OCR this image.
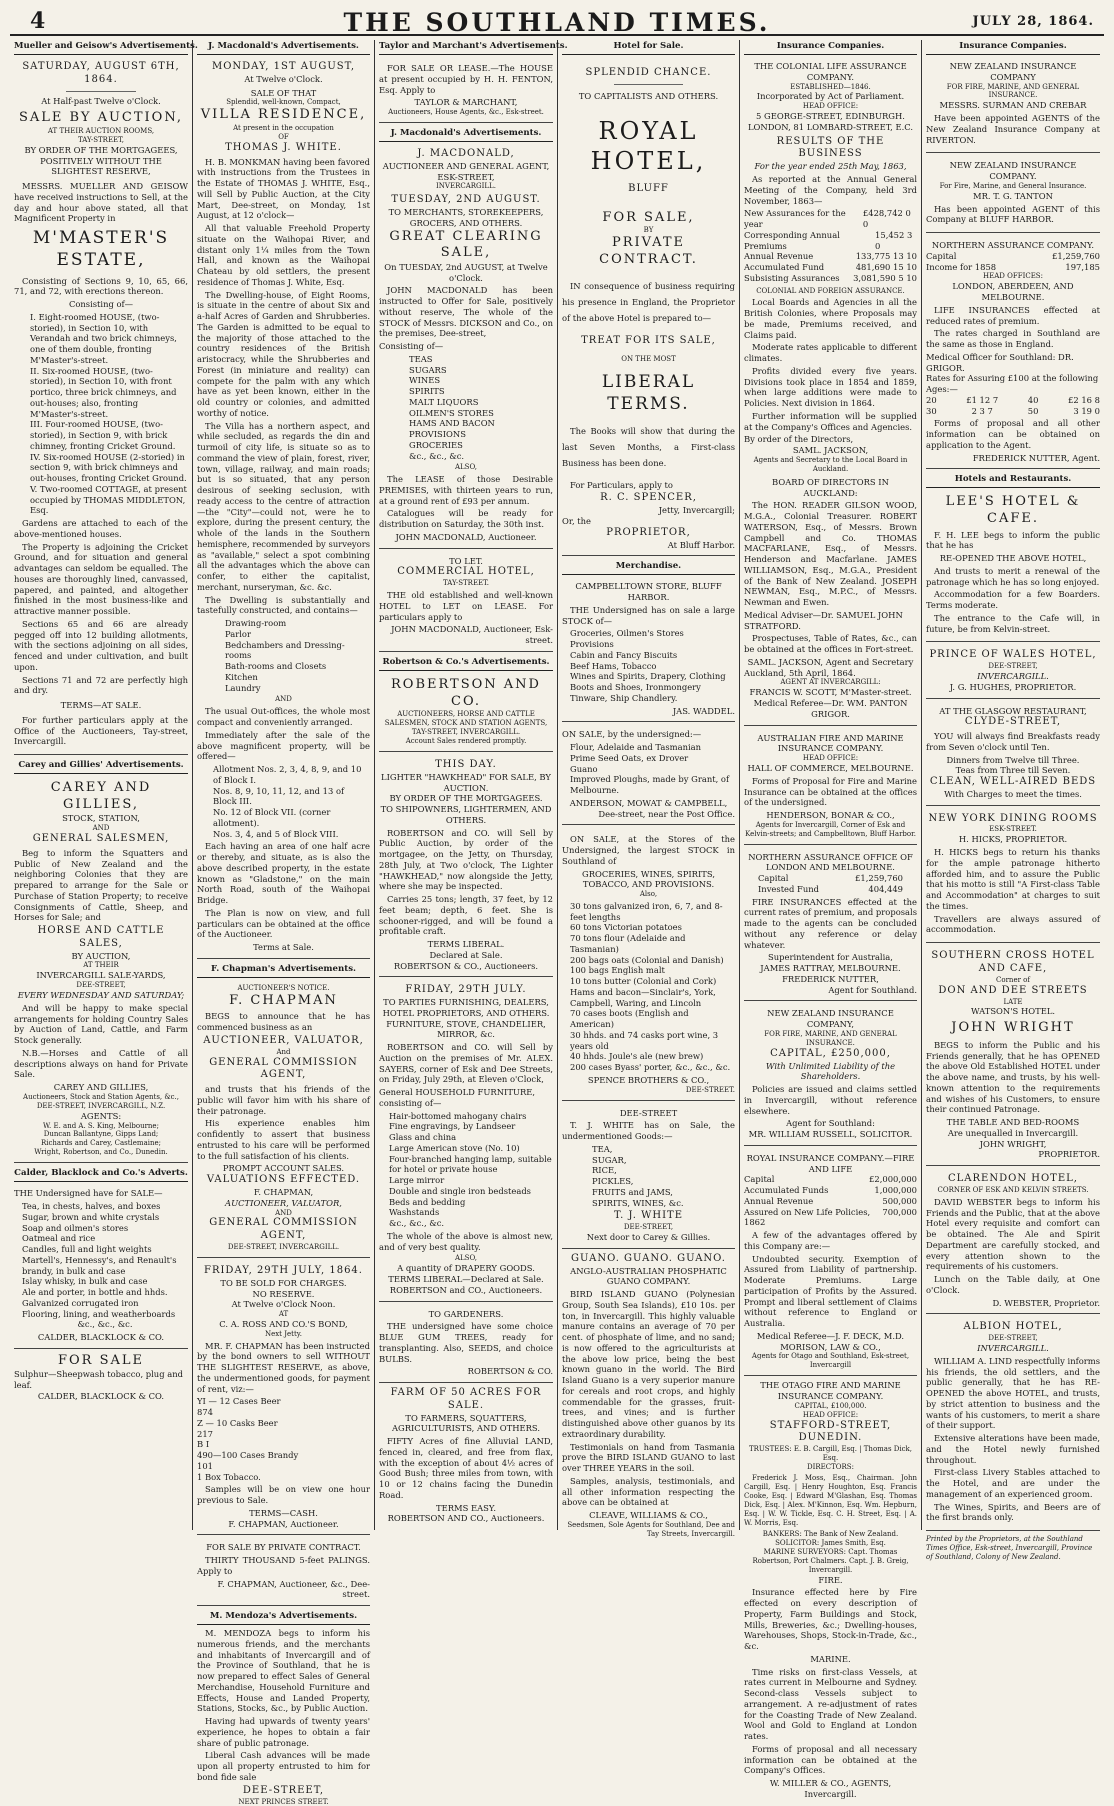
4	THE SOUTHLAND TIMES.	JULY 28, 1864.
Mueller and Geisow's Advertisements.
SATURDAY, AUGUST 6TH, 1864.
At Half-past Twelve o'Clock.
SALE BY AUCTION,
AT THEIR AUCTION ROOMS,
TAY-STREET,
BY ORDER OF THE MORTGAGEES,
POSITIVELY WITHOUT THE SLIGHTEST RESERVE,

MESSRS. MUELLER AND GEISOW have received instructions to Sell, at the day and hour above stated, all that Magnificent Property in

M'MASTER'S ESTATE,

Consisting of Sections 9, 10, 65, 66, 71, and 72, with erections thereon.

Consisting of—
I. Eight-roomed HOUSE, (two-storied), in Section 10, with Verandah and two brick chimneys, one of them double, fronting M'Master's-street.
II. Six-roomed HOUSE, (two-storied), in Section 10, with front portico, three brick chimneys, and out-houses; also, fronting M'Master's-street.
III. Four-roomed HOUSE, (two-storied), in Section 9, with brick chimney, fronting Cricket Ground.
IV. Six-roomed HOUSE (2-storied) in section 9, with brick chimneys and out-houses, fronting Cricket Ground.
V. Two-roomed COTTAGE, at present occupied by THOMAS MIDDLETON, Esq.

Gardens are attached to each of the above-mentioned houses.

The Property is adjoining the Cricket Ground, and for situation and general advantages can seldom be equalled. The houses are thoroughly lined, canvassed, papered, and painted, and altogether finished in the most business-like and attractive manner possible.

Sections 65 and 66 are already pegged off into 12 building allotments, with the sections adjoining on all sides, fenced and under cultivation, and built upon.

Sections 71 and 72 are perfectly high and dry.

TERMS—AT SALE.

For further particulars apply at the Office of the Auctioneers, Tay-street, Invercargill.

Carey and Gillies' Advertisements.
CAREY AND GILLIES,
STOCK, STATION,
AND
GENERAL SALESMEN,

Beg to inform the Squatters and Public of New Zealand and the neighboring Colonies that they are prepared to arrange for the Sale or Purchase of Station Property; to receive Consignments of Cattle, Sheep, and Horses for Sale; and

HORSE AND CATTLE SALES,
BY AUCTION,
AT THEIR
INVERCARGILL SALE-YARDS,
DEE-STREET,
EVERY WEDNESDAY AND SATURDAY;

And will be happy to make special arrangements for holding Country Sales by Auction of Land, Cattle, and Farm Stock generally.

N.B.—Horses and Cattle of all descriptions always on hand for Private Sale.

CAREY AND GILLIES,
Auctioneers, Stock and Station Agents, &c., DEE-STREET, INVERCARGILL, N.Z.
AGENTS:
W. E. and A. S. King, Melbourne;
Duncan Ballantyne, Gipps Land;
Richards and Carey, Castlemaine;
Wright, Robertson, and Co., Dunedin.
Calder, Blacklock and Co.'s Adverts.
THE Undersigned have for SALE—
Tea, in chests, halves, and boxes
Sugar, brown and white crystals
Soap and oilmen's stores
Oatmeal and rice
Candles, full and light weights
Martell's, Hennessy's, and Renault's brandy, in bulk and case
Islay whisky, in bulk and case
Ale and porter, in bottle and hhds.
Galvanized corrugated iron
Flooring, lining, and weatherboards
&c., &c., &c.
CALDER, BLACKLOCK & CO.
FOR SALE
Sulphur—Sheepwash tobacco, plug and leaf.
CALDER, BLACKLOCK & CO.
J. Macdonald's Advertisements.
MONDAY, 1ST AUGUST,
At Twelve o'Clock.
SALE OF THAT
Splendid, well-known, Compact,
VILLA RESIDENCE,
At present in the occupation
OF
THOMAS J. WHITE.

H. B. MONKMAN having been favored with instructions from the Trustees in the Estate of THOMAS J. WHITE, Esq., will Sell by Public Auction, at the City Mart, Dee-street, on Monday, 1st August, at 12 o'clock—

All that valuable Freehold Property situate on the Waihopai River, and distant only 1¼ miles from the Town Hall, and known as the Waihopai Chateau by old settlers, the present residence of Thomas J. White, Esq.

The Dwelling-house, of Eight Rooms, is situate in the centre of about Six and a-half Acres of Garden and Shrubberies. The Garden is admitted to be equal to the majority of those attached to the country residences of the British aristocracy, while the Shrubberies and Forest (in miniature and reality) can compete for the palm with any which have as yet been known, either in the old country or colonies, and admitted worthy of notice.

The Villa has a northern aspect, and while secluded, as regards the din and turmoil of city life, is situate so as to command the view of plain, forest, river, town, village, railway, and main roads; but is so situated, that any person desirous of seeking seclusion, with ready access to the centre of attraction—the "City"—could not, were he to explore, during the present century, the whole of the lands in the Southern hemisphere, recommended by surveyors as "available," select a spot combining all the advantages which the above can confer, to either the capitalist, merchant, nurseryman, &c. &c.

The Dwelling is substantially and tastefully constructed, and contains—

Drawing-room
Parlor
Bedchambers and Dressing-rooms
Bath-rooms and Closets
Kitchen
Laundry
AND

The usual Out-offices, the whole most compact and conveniently arranged.

Immediately after the sale of the above magnificent property, will be offered—

Allotment Nos. 2, 3, 4, 8, 9, and 10 of Block I.
Nos. 8, 9, 10, 11, 12, and 13 of Block III.
No. 12 of Block VII. (corner allotment).
Nos. 3, 4, and 5 of Block VIII.

Each having an area of one half acre or thereby, and situate, as is also the above described property, in the estate known as "Gladstone," on the main North Road, south of the Waihopai Bridge.

The Plan is now on view, and full particulars can be obtained at the office of the Auctioneer.

Terms at Sale.
F. Chapman's Advertisements.
AUCTIONEER'S NOTICE.
F. CHAPMAN

BEGS to announce that he has commenced business as an

AUCTIONEER, VALUATOR,
And
GENERAL COMMISSION AGENT,

and trusts that his friends of the public will favor him with his share of their patronage.

His experience enables him confidently to assert that business entrusted to his care will be performed to the full satisfaction of his clients.

PROMPT ACCOUNT SALES.
VALUATIONS EFFECTED.
F. CHAPMAN,
AUCTIONEER, VALUATOR,
AND
GENERAL COMMISSION AGENT,
DEE-STREET, INVERCARGILL.
FRIDAY, 29TH JULY, 1864.
TO BE SOLD FOR CHARGES.
NO RESERVE.
At Twelve o'Clock Noon.
AT
C. A. ROSS AND CO.'S BOND,
Next Jetty.

MR. F. CHAPMAN has been instructed by the bond owners to sell WITHOUT THE SLIGHTEST RESERVE, as above, the undermentioned goods, for payment of rent, viz:—

YI — 12 Cases Beer
874
Z — 10 Casks Beer
217
B I
490—100 Cases Brandy
101
1 Box Tobacco.

Samples will be on view one hour previous to Sale.

TERMS—CASH.
F. CHAPMAN, Auctioneer.
FOR SALE BY PRIVATE CONTRACT.

THIRTY THOUSAND 5-feet PALINGS. Apply to

F. CHAPMAN, Auctioneer, &c., Dee-street.
M. Mendoza's Advertisements.

M. MENDOZA begs to inform his numerous friends, and the merchants and inhabitants of Invercargill and of the Province of Southland, that he is now prepared to effect Sales of General Merchandise, Household Furniture and Effects, House and Landed Property, Stations, Stocks, &c., by Public Auction.

Having had upwards of twenty years' experience, he hopes to obtain a fair share of public patronage.

Liberal Cash advances will be made upon all property entrusted to him for bond fide sale

DEE-STREET,
NEXT PRINCES STREET.
Taylor and Marchant's Advertisements.

FOR SALE OR LEASE.—The HOUSE at present occupied by H. H. FENTON, Esq. Apply to

TAYLOR & MARCHANT,
Auctioneers, House Agents, &c., Esk-street.
J. Macdonald's Advertisements.
J. MACDONALD,
AUCTIONEER AND GENERAL AGENT,
ESK-STREET,
INVERCARGILL.
TUESDAY, 2ND AUGUST.
TO MERCHANTS, STOREKEEPERS, GROCERS, AND OTHERS.
GREAT CLEARING SALE,
On TUESDAY, 2nd AUGUST, at Twelve o'Clock.

JOHN MACDONALD has been instructed to Offer for Sale, positively without reserve, The whole of the STOCK of Messrs. DICKSON and Co., on the premises, Dee-street,

Consisting of—
TEAS
SUGARS
WINES
SPIRITS
MALT LIQUORS
OILMEN'S STORES
HAMS AND BACON
PROVISIONS
GROCERIES
&c., &c., &c.
ALSO,

The LEASE of those Desirable PREMISES, with thirteen years to run, at a ground rent of £93 per annum.

Catalogues will be ready for distribution on Saturday, the 30th inst.

JOHN MACDONALD, Auctioneer.
TO LET.
COMMERCIAL HOTEL,
TAY-STREET.

THE old established and well-known HOTEL to LET on LEASE. For particulars apply to

JOHN MACDONALD, Auctioneer, Esk-street.
Robertson & Co.'s Advertisements.
ROBERTSON AND CO.
AUCTIONEERS, HORSE AND CATTLE SALESMEN, STOCK AND STATION AGENTS, TAY-STREET, INVERCARGILL.
Account Sales rendered promptly.
THIS DAY.
LIGHTER "HAWKHEAD" FOR SALE, BY AUCTION.
BY ORDER OF THE MORTGAGEES.
TO SHIPOWNERS, LIGHTERMEN, AND OTHERS.

ROBERTSON and CO. will Sell by Public Auction, by order of the mortgagee, on the Jetty, on Thursday, 28th July, at Two o'clock, The Lighter "HAWKHEAD," now alongside the Jetty, where she may be inspected.

Carries 25 tons; length, 37 feet, by 12 feet beam; depth, 6 feet. She is schooner-rigged, and will be found a profitable craft.

TERMS LIBERAL.
Declared at Sale.
ROBERTSON & CO., Auctioneers.
FRIDAY, 29TH JULY.
TO PARTIES FURNISHING, DEALERS, HOTEL PROPRIETORS, AND OTHERS.
FURNITURE, STOVE, CHANDELIER, MIRROR, &c.

ROBERTSON and CO. will Sell by Auction on the premises of Mr. ALEX. SAYERS, corner of Esk and Dee Streets, on Friday, July 29th, at Eleven o'Clock,

General HOUSEHOLD FURNITURE, consisting of—
Hair-bottomed mahogany chairs
Fine engravings, by Landseer
Glass and china
Large American stove (No. 10)
Four-branched hanging lamp, suitable for hotel or private house
Large mirror
Double and single iron bedsteads
Beds and bedding
Washstands
&c., &c., &c.

The whole of the above is almost new, and of very best quality.

ALSO,
A quantity of DRAPERY GOODS.
TERMS LIBERAL—Declared at Sale.
ROBERTSON and CO., Auctioneers.
TO GARDENERS.

THE undersigned have some choice BLUE GUM TREES, ready for transplanting. Also, SEEDS, and choice BULBS.

ROBERTSON & CO.
FARM OF 50 ACRES FOR SALE.
TO FARMERS, SQUATTERS, AGRICULTURISTS, AND OTHERS.

FIFTY Acres of fine Alluvial LAND, fenced in, cleared, and free from flax, with the exception of about 4½ acres of Good Bush; three miles from town, with 10 or 12 chains facing the Dunedin Road.

TERMS EASY.
ROBERTSON AND CO., Auctioneers.
Hotel for Sale.
SPLENDID CHANCE.
TO CAPITALISTS AND OTHERS.
ROYAL HOTEL,
BLUFF
FOR SALE,
BY
PRIVATE CONTRACT.

IN consequence of business requiring his presence in England, the Proprietor of the above Hotel is prepared to—

TREAT FOR ITS SALE,
ON THE MOST
LIBERAL TERMS.

The Books will show that during the last Seven Months, a First-class Business has been done.

For Particulars, apply to

R. C. SPENCER,
Jetty, Invercargill;
Or, the
PROPRIETOR,
At Bluff Harbor.
Merchandise.
CAMPBELLTOWN STORE, BLUFF HARBOR.

THE Undersigned has on sale a large STOCK of—

Groceries, Oilmen's Stores
Provisions
Cabin and Fancy Biscuits
Beef Hams, Tobacco
Wines and Spirits, Drapery, Clothing
Boots and Shoes, Ironmongery
Tinware, Ship Chandlery.
JAS. WADDEL.
ON SALE, by the undersigned:—
Flour, Adelaide and Tasmanian
Prime Seed Oats, ex Drover
Guano
Improved Ploughs, made by Grant, of Melbourne.
ANDERSON, MOWAT & CAMPBELL,
Dee-street, near the Post Office.

ON SALE, at the Stores of the Undersigned, the largest STOCK in Southland of

GROCERIES, WINES, SPIRITS, TOBACCO, AND PROVISIONS.
Also,
30 tons galvanized iron, 6, 7, and 8-feet lengths
60 tons Victorian potatoes
70 tons flour (Adelaide and Tasmanian)
200 bags oats (Colonial and Danish)
100 bags English malt
10 tons butter (Colonial and Cork)
Hams and bacon—Sinclair's, York, Campbell, Waring, and Lincoln
70 cases boots (English and American)
30 hhds. and 74 casks port wine, 3 years old
40 hhds. Joule's ale (new brew)
200 cases Byass' porter, &c., &c., &c.
SPENCE BROTHERS & CO.,
DEE-STREET.
DEE-STREET

T. J. WHITE has on Sale, the undermentioned Goods:—

TEA,
SUGAR,
RICE,
PICKLES,
FRUITS and JAMS,
SPIRITS, WINES, &c.
T. J. WHITE
DEE-STREET,
Next door to Carey & Gillies.
GUANO. GUANO. GUANO.
ANGLO-AUSTRALIAN PHOSPHATIC GUANO COMPANY.

BIRD ISLAND GUANO (Polynesian Group, South Sea Islands), £10 10s. per ton, in Invercargill. This highly valuable manure contains an average of 70 per cent. of phosphate of lime, and no sand; is now offered to the agriculturists at the above low price, being the best known guano in the world. The Bird Island Guano is a very superior manure for cereals and root crops, and highly commendable for the grasses, fruit-trees, and vines; and is further distinguished above other guanos by its extraordinary durability.

Testimonials on hand from Tasmania prove the BIRD ISLAND GUANO to last over THREE YEARS in the soil.

Samples, analysis, testimonials, and all other information respecting the above can be obtained at

CLEAVE, WILLIAMS & CO.,
Seedsmen, Sole Agents for Southland, Dee and Tay Streets, Invercargill.
Insurance Companies.
THE COLONIAL LIFE ASSURANCE COMPANY.
ESTABLISHED—1846.
Incorporated by Act of Parliament.
HEAD OFFICE:
5 GEORGE-STREET, EDINBURGH.
LONDON, 81 LOMBARD-STREET, E.C.
RESULTS OF THE BUSINESS
For the year ended 25th May, 1863,

As reported at the Annual General Meeting of the Company, held 3rd November, 1863—

New Assurances for the year
£428,742 0 0
Corresponding Annual Premiums
15,452 3 0
Annual Revenue	133,775 13 10
Accumulated Fund	481,690 15 10
Subsisting Assurances 3,081,590 5 10
COLONIAL AND FOREIGN ASSURANCE.

Local Boards and Agencies in all the British Colonies, where Proposals may be made, Premiums received, and Claims paid.

Moderate rates applicable to different climates.

Profits divided every five years. Divisions took place in 1854 and 1859, when large additions were made to Policies. Next division in 1864.

Further information will be supplied at the Company's Offices and Agencies.

By order of the Directors,
SAML. JACKSON,
Agents and Secretary to the Local Board in Auckland.
BOARD OF DIRECTORS IN AUCKLAND:

The HON. READER GILSON WOOD, M.G.A., Colonial Treasurer. ROBERT WATERSON, Esq., of Messrs. Brown Campbell and Co. THOMAS MACFARLANE, Esq., of Messrs. Henderson and Macfarlane. JAMES WILLIAMSON, Esq., M.G.A., President of the Bank of New Zealand. JOSEPH NEWMAN, Esq., M.P.C., of Messrs. Newman and Ewen.

Medical Adviser—Dr. SAMUEL JOHN STRATFORD.

Prospectuses, Table of Rates, &c., can be obtained at the offices in Fort-street.

SAML. JACKSON, Agent and Secretary
Auckland, 5th April, 1864.
AGENT AT INVERCARGILL:
FRANCIS W. SCOTT, M'Master-street.
Medical Referee—Dr. WM. PANTON GRIGOR.
AUSTRALIAN FIRE AND MARINE INSURANCE COMPANY.
HEAD OFFICE:
HALL OF COMMERCE, MELBOURNE.

Forms of Proposal for Fire and Marine Insurance can be obtained at the offices of the undersigned.

HENDERSON, BONAR & CO.,
Agents for Invercargill, Corner of Esk and Kelvin-streets; and Campbelltown, Bluff Harbor.
NORTHERN ASSURANCE OFFICE OF LONDON AND MELBOURNE.
Capital	£1,259,760
Invested Fund	404,449

FIRE INSURANCES effected at the current rates of premium, and proposals made to the agents can be concluded without any reference or delay whatever.

Superintendent for Australia,
JAMES RATTRAY, MELBOURNE.
FREDERICK NUTTER,
Agent for Southland.
NEW ZEALAND INSURANCE COMPANY,
FOR FIRE, MARINE, AND GENERAL INSURANCE.
CAPITAL, £250,000,
With Unlimited Liability of the Shareholders.

Policies are issued and claims settled in Invercargill, without reference elsewhere.

Agent for Southland:
MR. WILLIAM RUSSELL, SOLICITOR.
ROYAL INSURANCE COMPANY.—FIRE AND LIFE
Capital	£2,000,000
Accumulated Funds	1,000,000
Annual Revenue	500,000
Assured on New Life Policies, 1862
700,000

A few of the advantages offered by this Company are:—

Undoubted security. Exemption of Assured from Liability of partnership. Moderate Premiums. Large participation of Profits by the Assured. Prompt and liberal settlement of Claims without reference to England or Australia.

Medical Referee—J. F. DECK, M.D.
MORISON, LAW & CO.,
Agents for Otago and Southland, Esk-street, Invercargill
THE OTAGO FIRE AND MARINE INSURANCE COMPANY.
CAPITAL, £100,000.
HEAD OFFICE:
STAFFORD-STREET, DUNEDIN.
TRUSTEES: E. B. Cargill, Esq. | Thomas Dick, Esq.
DIRECTORS:

Frederick J. Moss, Esq., Chairman. John Cargill, Esq. | Henry Houghton, Esq. Francis Cooke, Esq. | Edward M'Glashan, Esq. Thomas Dick, Esq. | Alex. M'Kinnon, Esq. Wm. Hepburn, Esq. | W. W. Tickle, Esq. C. H. Street, Esq. | A. W. Morris, Esq.

BANKERS: The Bank of New Zealand.
SOLICITOR: James Smith, Esq.
MARINE SURVEYORS: Capt. Thomas Robertson, Port Chalmers. Capt. J. B. Greig, Invercargill.
FIRE.

Insurance effected here by Fire effected on every description of Property, Farm Buildings and Stock, Mills, Breweries, &c.; Dwelling-houses, Warehouses, Shops, Stock-in-Trade, &c., &c.

MARINE.

Time risks on first-class Vessels, at rates current in Melbourne and Sydney. Second-class Vessels subject to arrangement. A re-adjustment of rates for the Coasting Trade of New Zealand. Wool and Gold to England at London rates.

Forms of proposal and all necessary information can be obtained at the Company's Offices.

W. MILLER & CO., AGENTS, Invercargill.
Insurance Companies.
NEW ZEALAND INSURANCE COMPANY
FOR FIRE, MARINE, AND GENERAL INSURANCE.
MESSRS. SURMAN AND CREBAR

Have been appointed AGENTS of the New Zealand Insurance Company at RIVERTON.

NEW ZEALAND INSURANCE COMPANY.
For Fire, Marine, and General Insurance.
MR. T. G. TANTON

Has been appointed AGENT of this Company at BLUFF HARBOR.

NORTHERN ASSURANCE COMPANY.
Capital	£1,259,760
Income for 1858	197,185
HEAD OFFICES:
LONDON, ABERDEEN, AND MELBOURNE.

LIFE INSURANCES effected at reduced rates of premium.

The rates charged in Southland are the same as those in England.

Medical Officer for Southland: DR. GRIGOR.
Rates for Assuring £100 at the following Ages:—
20	£1 12 7	40	£2 16 8
30	2 3 7	50	3 19 0

Forms of proposal and all other information can be obtained on application to the Agent.

FREDERICK NUTTER, Agent.
Hotels and Restaurants.
LEE'S HOTEL & CAFE.

F. H. LEE begs to inform the public that he has

RE-OPENED THE ABOVE HOTEL,

And trusts to merit a renewal of the patronage which he has so long enjoyed.

Accommodation for a few Boarders. Terms moderate.

The entrance to the Cafe will, in future, be from Kelvin-street.

PRINCE OF WALES HOTEL,
DEE-STREET,
INVERCARGILL.
J. G. HUGHES, PROPRIETOR.
AT THE GLASGOW RESTAURANT,
CLYDE-STREET,

YOU will always find Breakfasts ready from Seven o'clock until Ten.

Dinners from Twelve till Three.
Teas from Three till Seven.
CLEAN, WELL-AIRED BEDS
With Charges to meet the times.
NEW YORK DINING ROOMS
ESK-STREET.
H. HICKS, PROPRIETOR.

H. HICKS begs to return his thanks for the ample patronage hitherto afforded him, and to assure the Public that his motto is still "A First-class Table and Accommodation" at charges to suit the times.

Travellers are always assured of accommodation.

SOUTHERN CROSS HOTEL
AND CAFE,
Corner of
DON AND DEE STREETS
LATE
WATSON'S HOTEL.
JOHN WRIGHT

BEGS to inform the Public and his Friends generally, that he has OPENED the above Old Established HOTEL under the above name, and trusts, by his well-known attention to the requirements and wishes of his Customers, to ensure their continued Patronage.

THE TABLE AND BED-ROOMS
Are unequalled in Invercargill.
JOHN WRIGHT,
PROPRIETOR.
CLARENDON HOTEL,
CORNER OF ESK AND KELVIN STREETS.

DAVID WEBSTER begs to inform his Friends and the Public, that at the above Hotel every requisite and comfort can be obtained. The Ale and Spirit Department are carefully stocked, and every attention shown to the requirements of his customers.

Lunch on the Table daily, at One o'Clock.

D. WEBSTER, Proprietor.
ALBION HOTEL,
DEE-STREET,
INVERCARGILL.

WILLIAM A. LIND respectfully informs his friends, the old settlers, and the public generally, that he has RE-OPENED the above HOTEL, and trusts, by strict attention to business and the wants of his customers, to merit a share of their support.

Extensive alterations have been made, and the Hotel newly furnished throughout.

First-class Livery Stables attached to the Hotel, and are under the management of an experienced groom.

The Wines, Spirits, and Beers are of the first brands only.

Printed by the Proprietors, at the Southland Times Office, Esk-street, Invercargill, Province of Southland, Colony of New Zealand.
